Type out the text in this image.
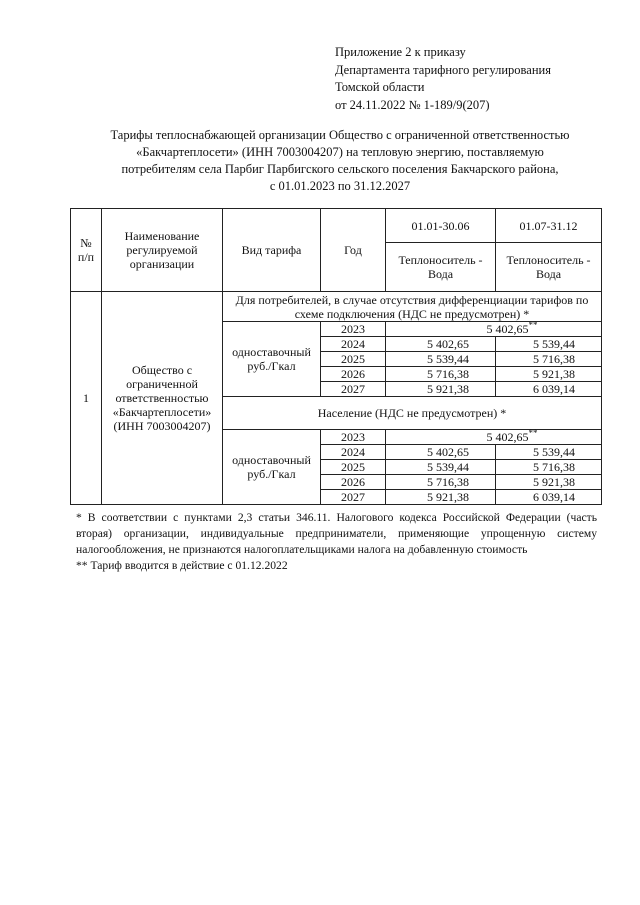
Приложение 2 к приказу
Департамента тарифного регулирования
Томской области
от 24.11.2022 № 1-189/9(207)
Тарифы теплоснабжающей организации Общество с ограниченной ответственностью
«Бакчартеплосети» (ИНН 7003004207) на тепловую энергию, поставляемую
потребителям села Парбиг Парбигского сельского поселения Бакчарского района,
с 01.01.2023 по 31.12.2027
№ п/п	Наименование регулируемой организации	Вид тарифа	Год	01.01-30.06	01.07-31.12
				Теплоноситель - Вода	Теплоноситель - Вода
1	Общество с ограниченной ответственностью «Бакчартеплосети» (ИНН 7003004207)	Для потребителей, в случае отсутствия дифференциации тарифов по схеме подключения (НДС не предусмотрен) *			
		одноставочный руб./Гкал	2023	5 402,65**
			2024	5 402,65	5 539,44
			2025	5 539,44	5 716,38
			2026	5 716,38	5 921,38
			2027	5 921,38	6 039,14
		Население (НДС не предусмотрен) *			
		одноставочный руб./Гкал	2023	5 402,65**
			2024	5 402,65	5 539,44
			2025	5 539,44	5 716,38
			2026	5 716,38	5 921,38
			2027	5 921,38	6 039,14

* В соответствии с пунктами 2,3 статьи 346.11. Налогового кодекса Российской Федерации (часть вторая) организации, индивидуальные предприниматели, применяющие упрощенную систему налогообложения, не признаются налогоплательщиками налога на добавленную стоимость

** Тариф вводится в действие с 01.12.2022
